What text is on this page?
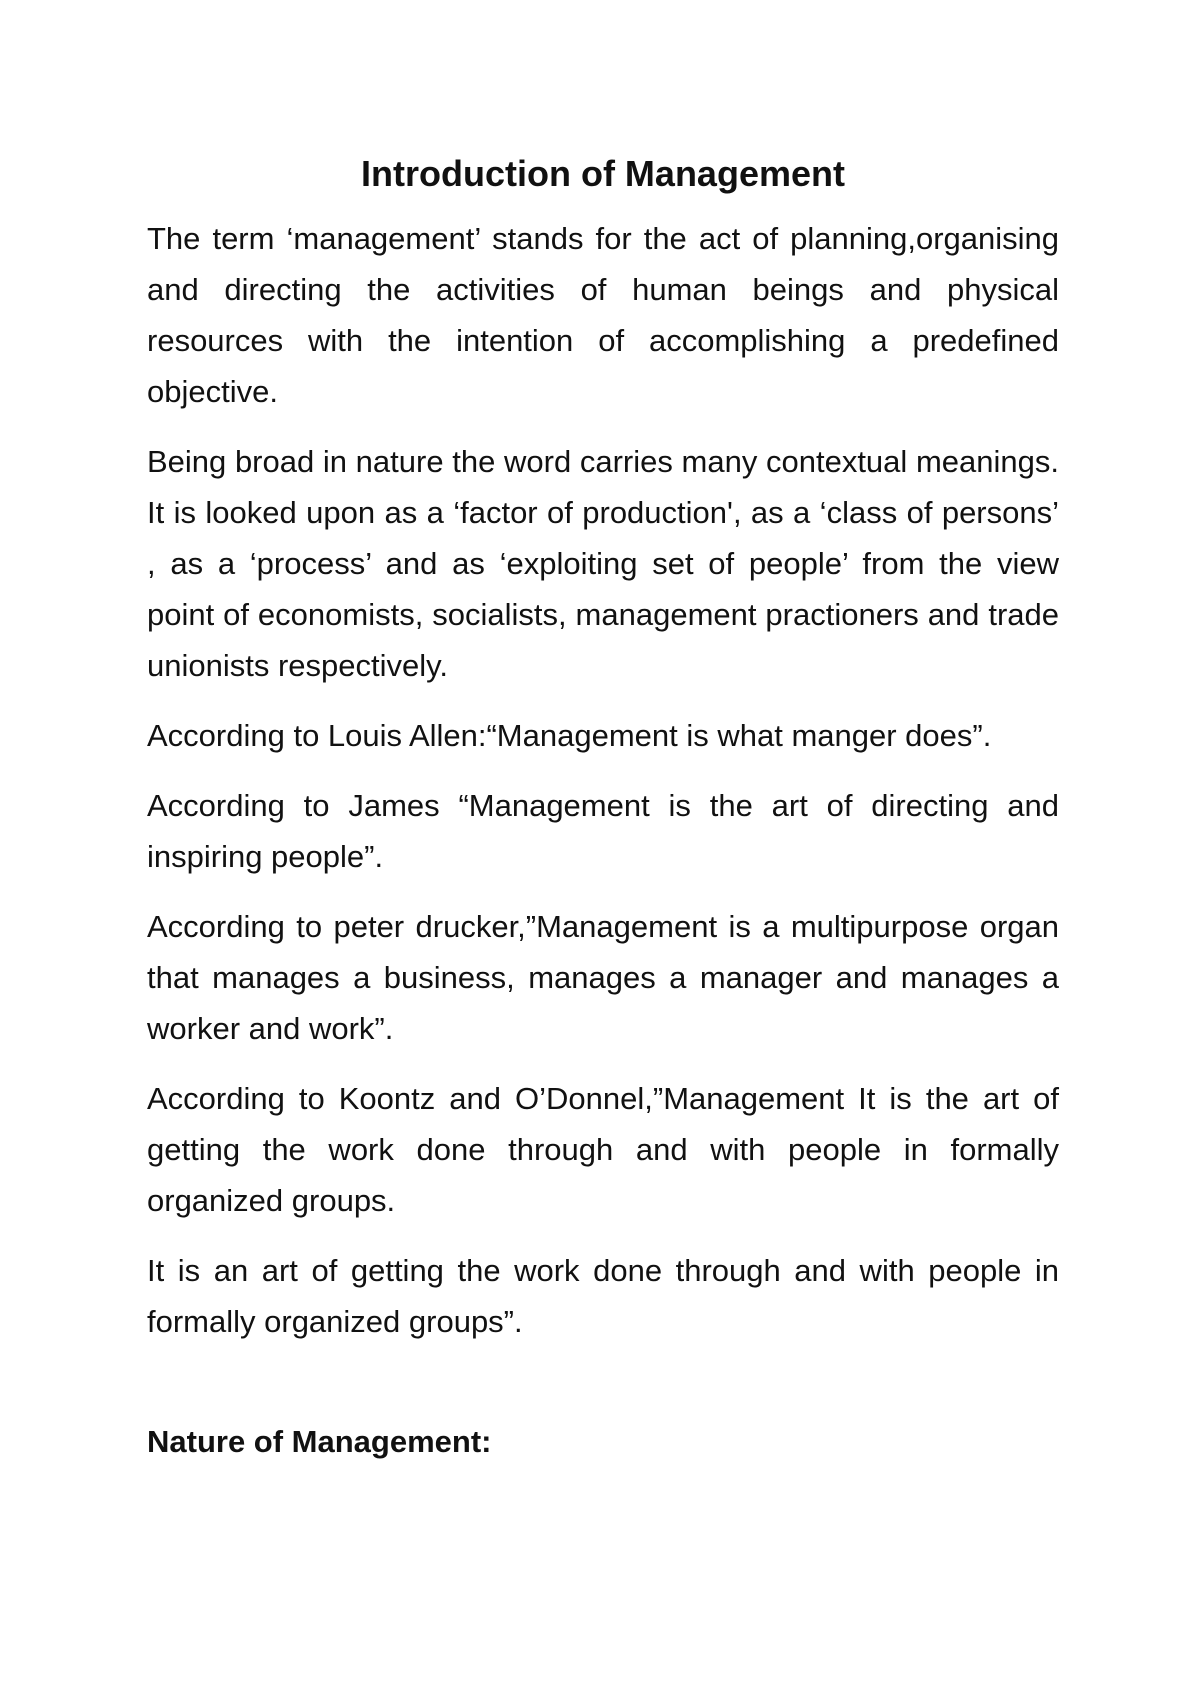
Introduction of Management

The term ‘management’ stands for the act of planning,organising and directing the activities of human beings and physical resources with the intention of accomplishing a predefined objective.

Being broad in nature the word carries many contextual meanings. It is looked upon as a ‘factor of production', as a ‘class of persons’ , as a ‘process’ and as ‘exploiting set of people’ from the view point of economists, socialists, management practioners and trade unionists respectively.

According to Louis Allen:“Management is what manger does”.

According to James “Management is the art of directing and inspiring people”.

According to peter drucker,”Management is a multipurpose organ that manages a business, manages a manager and manages a worker and work”.

According to Koontz and O’Donnel,”Management It is the art of getting the work done through and with people in formally organized groups.

It is an art of getting the work done through and with people in formally organized groups”.

Nature of Management:
